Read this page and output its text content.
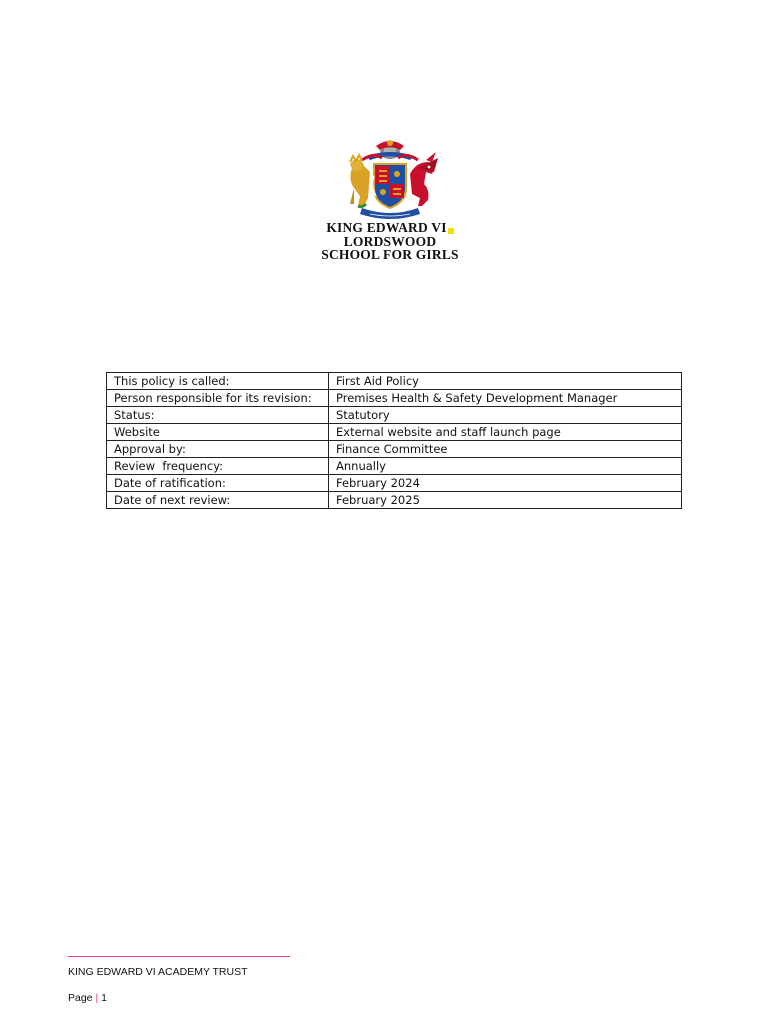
KING EDWARD VI
LORDSWOOD
SCHOOL FOR GIRLS
This policy is called:	First Aid Policy
Person responsible for its revision:	Premises Health & Safety Development Manager
Status:	Statutory
Website	External website and staff launch page
Approval by:	Finance Committee
Review  frequency:	Annually
Date of ratification:	February 2024
Date of next review:	February 2025
KING EDWARD VI ACADEMY TRUST
Page | 1
